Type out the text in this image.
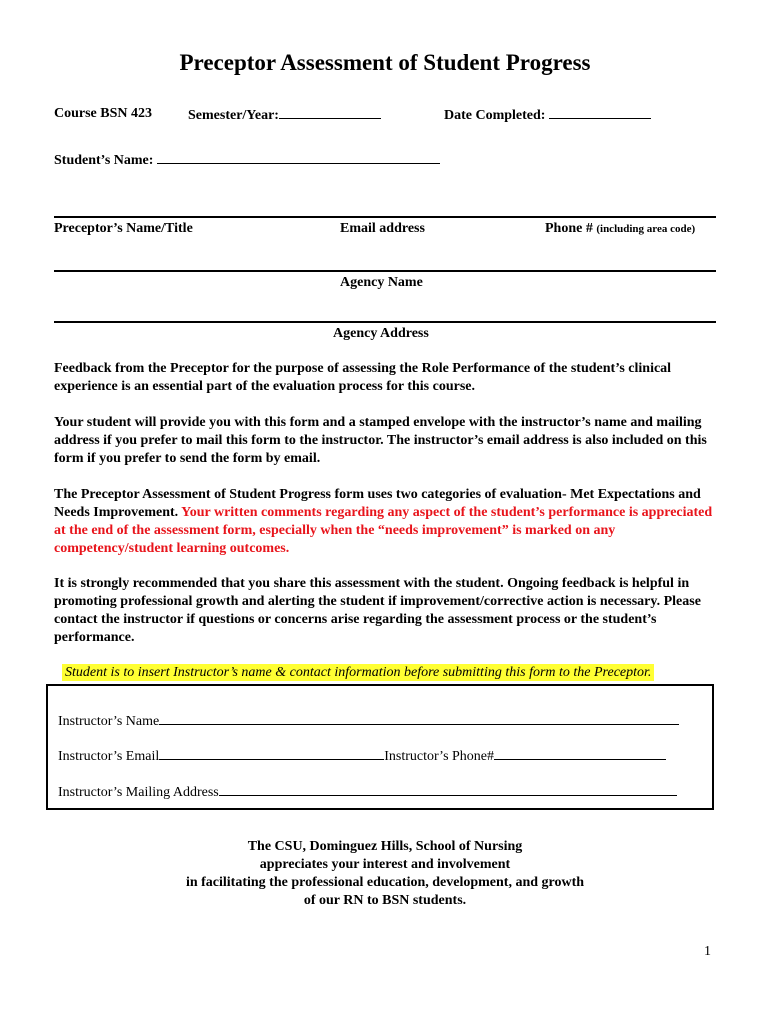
Preceptor Assessment of Student Progress
Course BSN 423	Semester/Year:	Date Completed:
Student’s Name:
Preceptor’s Name/Title	Email address	Phone # (including area code)
Agency Name
Agency Address
Feedback from the Preceptor for the purpose of assessing the Role Performance of the student’s clinical experience is an essential part of the evaluation process for this course.
Your student will provide you with this form and a stamped envelope with the instructor’s name and mailing address if you prefer to mail this form to the instructor. The instructor’s email address is also included on this form if you prefer to send the form by email.
The Preceptor Assessment of Student Progress form uses two categories of evaluation- Met Expectations and Needs Improvement. Your written comments regarding any aspect of the student’s performance is appreciated at the end of the assessment form, especially when the “needs improvement” is marked on any competency/student learning outcomes.
It is strongly recommended that you share this assessment with the student. Ongoing feedback is helpful in promoting professional growth and alerting the student if improvement/corrective action is necessary. Please contact the instructor if questions or concerns arise regarding the assessment process or the student’s performance.
Student is to insert Instructor’s name & contact information before submitting this form to the Preceptor.
Instructor’s Name
Instructor’s Email	Instructor’s Phone#
Instructor’s Mailing Address
The CSU, Dominguez Hills, School of Nursing
appreciates your interest and involvement
in facilitating the professional education, development, and growth
of our RN to BSN students.
1
